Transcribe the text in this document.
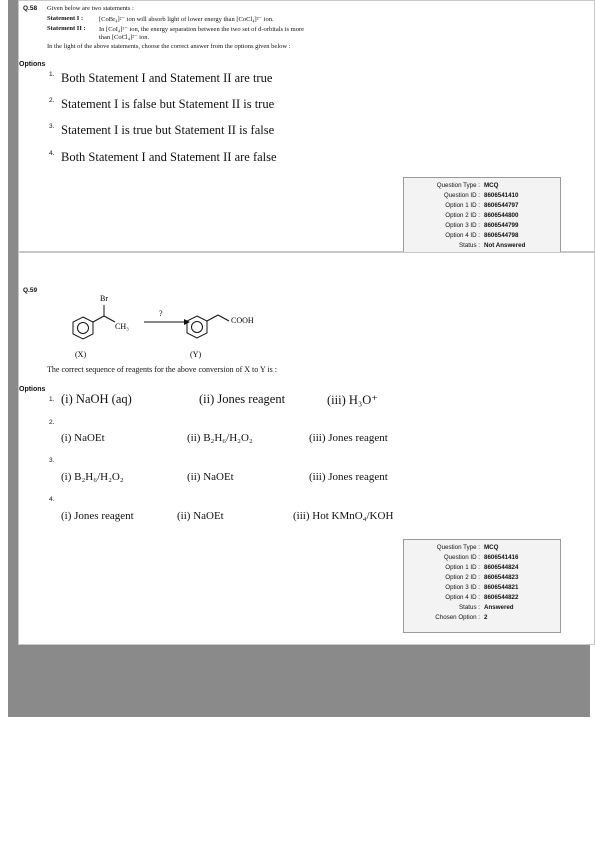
Q.58 Given below are two statements :
Statement I : [CoBr₄]²⁻ ion will absorb light of lower energy than [CoCl₄]²⁻ ion.
Statement II : In [CoI₄]²⁻ ion, the energy separation between the two set of d-orbitals is more
than [CoCl₄]²⁻ ion.
In the light of the above statements, choose the correct answer from the options given below :
Options
1. Both Statement I and Statement II are true
2. Statement I is false but Statement II is true
3. Statement I is true but Statement II is false
4. Both Statement I and Statement II are false
Question Type : MCQ
Question ID : 8606541410
Option 1 ID : 8606544797
Option 2 ID : 8606544800
Option 3 ID : 8606544799
Option 4 ID : 8606544798
Status : Not Answered
Q.59
Br
CH₃
?
COOH
(X)	(Y)
The correct sequence of reagents for the above conversion of X to Y is :
Options
1. (i) NaOH (aq)	(ii) Jones reagent	(iii) H₃O⁺
2.
(i) NaOEt	(ii) B₂H₆/H₂O₂	(iii) Jones reagent
3.
(i) B₂H₆/H₂O₂	(ii) NaOEt	(iii) Jones reagent
4.
(i) Jones reagent	(ii) NaOEt	(iii) Hot KMnO₄/KOH
Question Type : MCQ
Question ID : 8606541416
Option 1 ID : 8606544824
Option 2 ID : 8606544823
Option 3 ID : 8606544821
Option 4 ID : 8606544822
Status : Answered
Chosen Option : 2
